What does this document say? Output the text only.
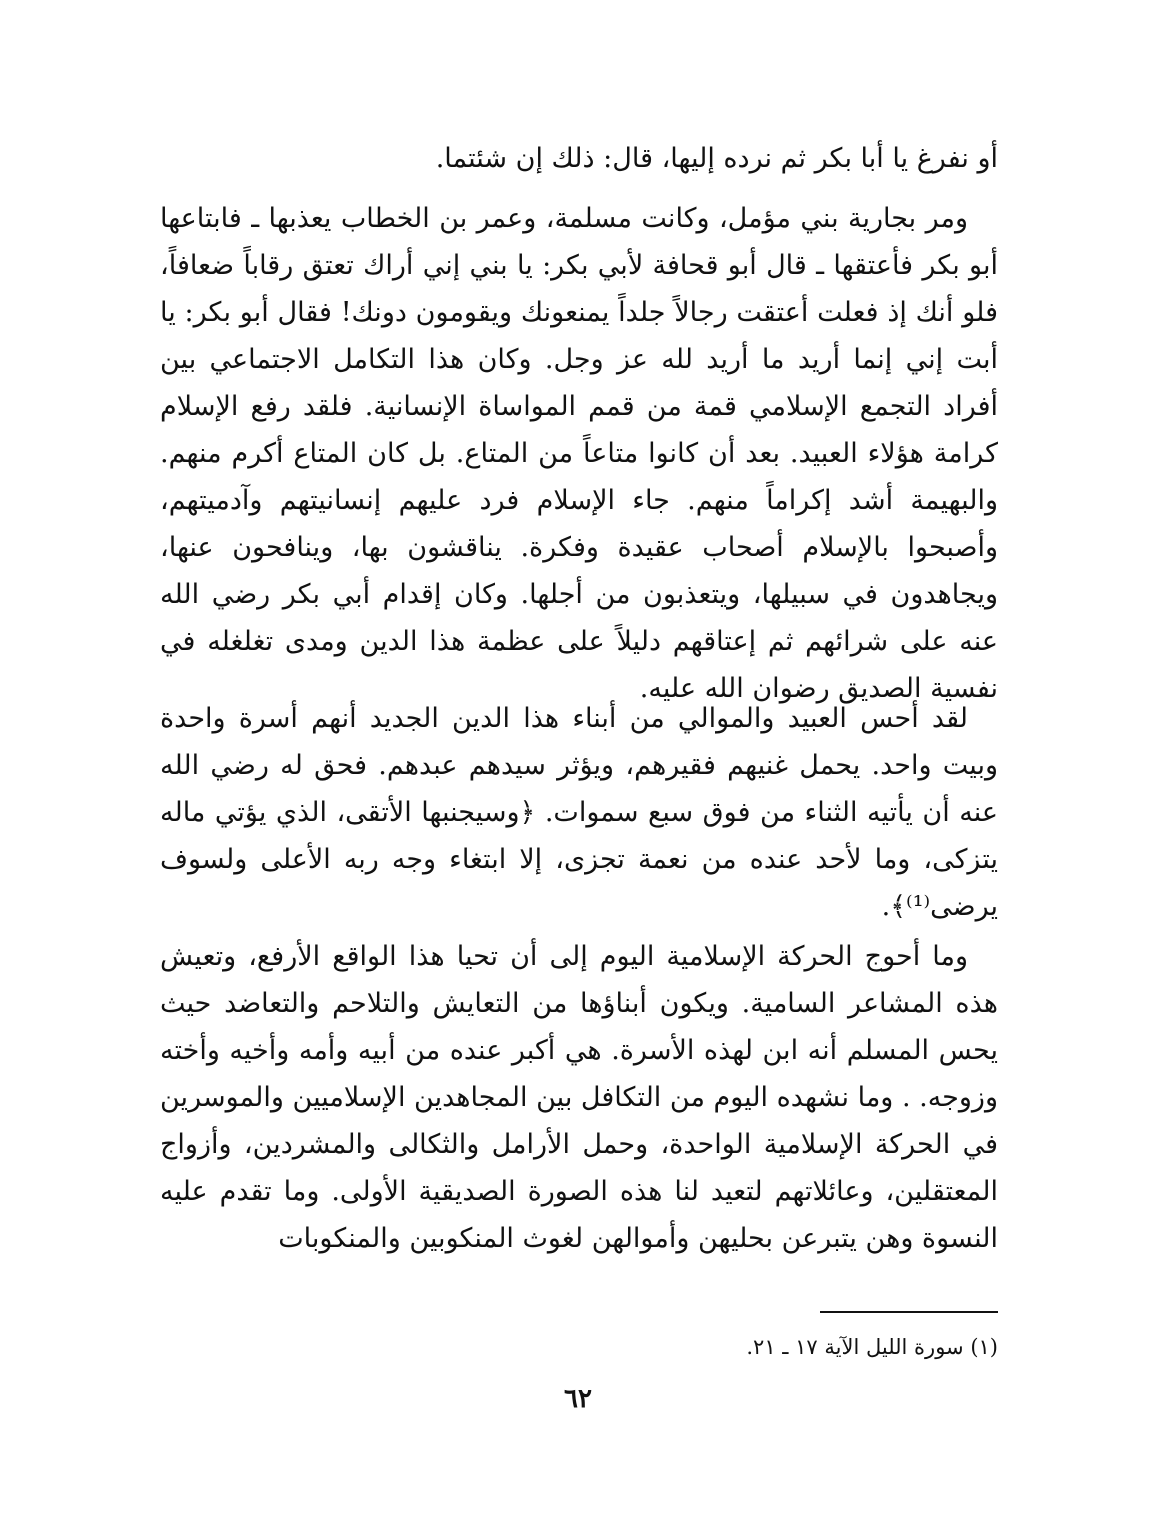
أو نفرغ يا أبا بكر ثم نرده إليها، قال: ذلك إن شئتما.

ومر بجارية بني مؤمل، وكانت مسلمة، وعمر بن الخطاب يعذبها ـ فابتاعها أبو بكر فأعتقها ـ قال أبو قحافة لأبي بكر: يا بني إني أراك تعتق رقاباً ضعافاً، فلو أنك إذ فعلت أعتقت رجالاً جلداً يمنعونك ويقومون دونك! فقال أبو بكر: يا أبت إني إنما أريد ما أريد لله عز وجل. وكان هذا التكامل الاجتماعي بين أفراد التجمع الإسلامي قمة من قمم المواساة الإنسانية. فلقد رفع الإسلام كرامة هؤلاء العبيد. بعد أن كانوا متاعاً من المتاع. بل كان المتاع أكرم منهم. والبهيمة أشد إكراماً منهم. جاء الإسلام فرد عليهم إنسانيتهم وآدميتهم، وأصبحوا بالإسلام أصحاب عقيدة وفكرة. يناقشون بها، وينافحون عنها، ويجاهدون في سبيلها، ويتعذبون من أجلها. وكان إقدام أبي بكر رضي الله عنه على شرائهم ثم إعتاقهم دليلاً على عظمة هذا الدين ومدى تغلغله في نفسية الصديق رضوان الله عليه.

لقد أحس العبيد والموالي من أبناء هذا الدين الجديد أنهم أسرة واحدة وبيت واحد. يحمل غنيهم فقيرهم، ويؤثر سيدهم عبدهم. فحق له رضي الله عنه أن يأتيه الثناء من فوق سبع سموات. ﴿وسيجنبها الأتقى، الذي يؤتي ماله يتزكى، وما لأحد عنده من نعمة تجزى، إلا ابتغاء وجه ربه الأعلى ولسوف يرضى⁽¹⁾﴾.

وما أحوج الحركة الإسلامية اليوم إلى أن تحيا هذا الواقع الأرفع، وتعيش هذه المشاعر السامية. ويكون أبناؤها من التعايش والتلاحم والتعاضد حيث يحس المسلم أنه ابن لهذه الأسرة. هي أكبر عنده من أبيه وأمه وأخيه وأخته وزوجه. . وما نشهده اليوم من التكافل بين المجاهدين الإسلاميين والموسرين في الحركة الإسلامية الواحدة، وحمل الأرامل والثكالى والمشردين، وأزواج المعتقلين، وعائلاتهم لتعيد لنا هذه الصورة الصديقية الأولى. وما تقدم عليه النسوة وهن يتبرعن بحليهن وأموالهن لغوث المنكوبين والمنكوبات

(١) سورة الليل الآية ١٧ ـ ٢١.
٦٢
